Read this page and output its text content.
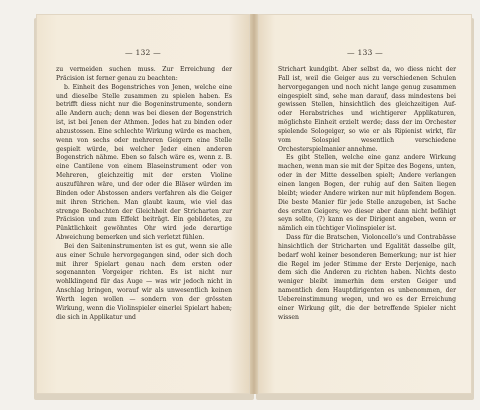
— 132 —

zu vermeiden suchen muss. Zur Erreichung der Präcision ist ferner genau zu beachten:

b. Einheit des Bogenstriches von Jenen, welche eine und dieselbe Stelle zusammen zu spielen haben. Es betrifft diess nicht nur die Bogeninstrumente, sondern alle Andern auch; denn was bei diesen der Bogenstrich ist, ist bei Jenen der Athmen. Jedes hat zu binden oder abzustossen. Eine schlechte Wirkung würde es machen, wenn von sechs oder mehreren Geigern eine Stelle gespielt würde, bei welcher Jeder einen anderen Bogenstrich nähme. Eben so falsch wäre es, wenn z. B. eine Cantilene von einem Blaseinstrument oder von Mehreren, gleichzeitig mit der ersten Violine auszuführen wäre, und der oder die Bläser würden im Binden oder Abstossen anders verfahren als die Geiger mit ihren Strichen. Man glaubt kaum, wie viel das strenge Beobachten der Gleichheit der Stricharten zur Präcision und zum Effekt beiträgt. Ein gebildetes, zu Pünktlichkeit gewöhntes Ohr wird jede derartige Abweichung bemerken und sich verletzt fühlen.

Bei den Saiteninstrumenten ist es gut, wenn sie alle aus einer Schule hervorgegangen sind, oder sich doch mit ihrer Spielart genau nach dem ersten oder sogenannten Vorgeiger richten. Es ist nicht nur wohlklingend für das Auge — was wir jedoch nicht in Anschlag bringen, worauf wir als unwesentlich keinen Werth legen wollen — sondern von der grössten Wirkung, wenn die Violinspieler einerlei Spielart haben; die sich in Applikatur und

— 133 —

Strichart kundgibt. Aber selbst da, wo diess nicht der Fall ist, weil die Geiger aus zu verschiedenen Schulen hervorgegangen und noch nicht lange genug zusammen eingespielt sind, sehe man darauf, dass mindestens bei gewissen Stellen, hinsichtlich des gleichzeitigen Auf- oder Herabstriches und wichtigerer Applikaturen, möglichste Einheit erzielt werde; dass der im Orchester spielende Sologeiger, so wie er als Ripienist wirkt, für vom Solospiel wesentlich verschiedene Orchesterspielmanier annehme.

Es gibt Stellen, welche eine ganz andere Wirkung machen, wenn man sie mit der Spitze des Bogens, unten, oder in der Mitte desselben spielt; Andere verlangen einen langen Bogen, der ruhig auf den Saiten liegen bleibt; wieder Andere wirken nur mit hüpfendem Bogen. Die beste Manier für jede Stelle anzugeben, ist Sache des ersten Geigers; wo dieser aber dann nicht befähigt seyn sollte, (?) kann es der Dirigent angeben, wenn er nämlich ein tüchtiger Violinspieler ist.

Dass für die Bratschen, Violoncello's und Contrabässe hinsichtlich der Stricharten und Egalität dasselbe gilt, bedarf wohl keiner besonderen Bemerkung; nur ist hier die Regel im jeder Stimme der Erste Derjenige, nach dem sich die Anderen zu richten haben. Nichts desto weniger bleibt immerhin dem ersten Geiger und namentlich dem Hauptdirigenten es unbenommen, der Uebereinstimmung wegen, und wo es der Erreichung einer Wirkung gilt, die der betreffende Spieler nicht wissen
